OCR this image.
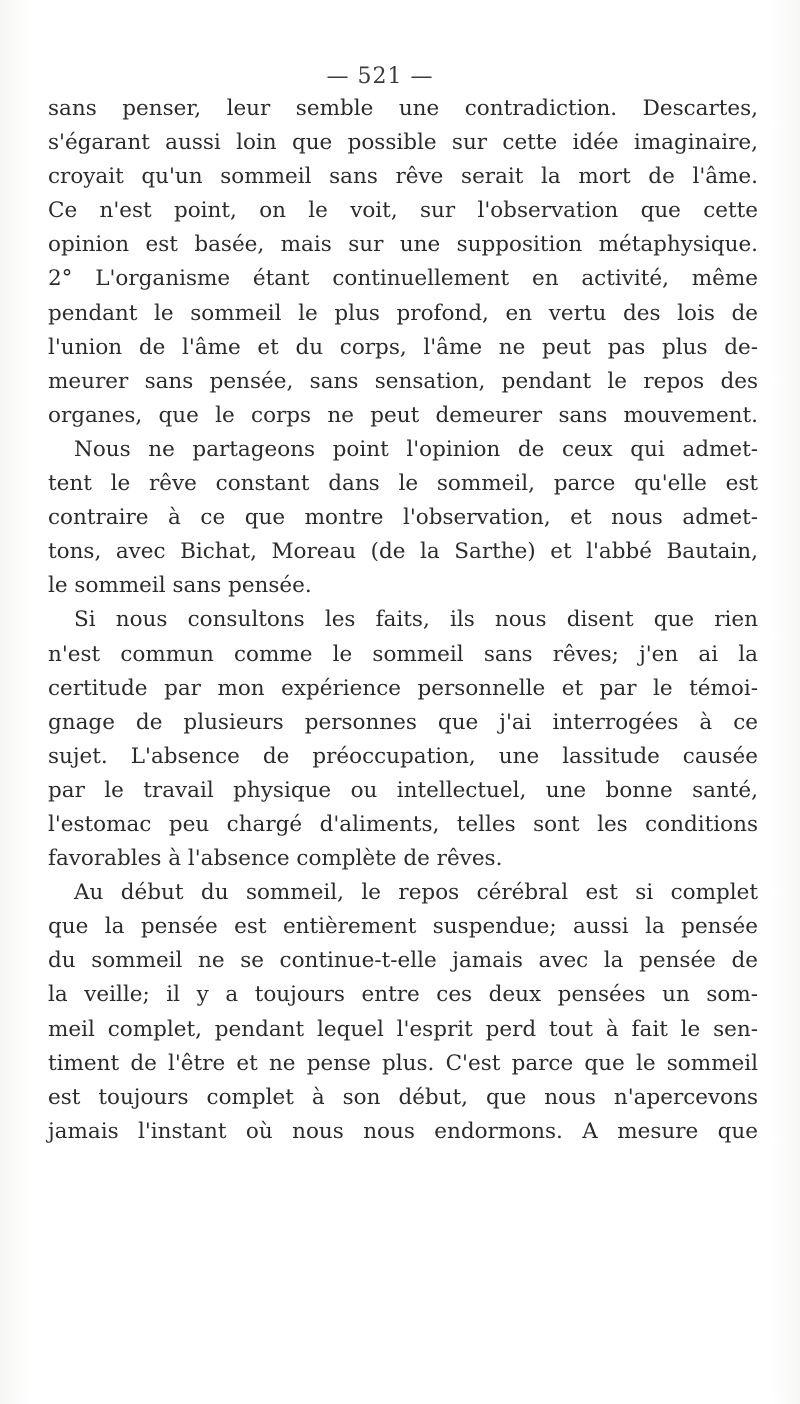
— 521 —
sans penser, leur semble une contradiction. Descartes,
s'égarant aussi loin que possible sur cette idée imaginaire,
croyait qu'un sommeil sans rêve serait la mort de l'âme.
Ce n'est point, on le voit, sur l'observation que cette
opinion est basée, mais sur une supposition métaphysique.
2° L'organisme étant continuellement en activité, même
pendant le sommeil le plus profond, en vertu des lois de
l'union de l'âme et du corps, l'âme ne peut pas plus de-
meurer sans pensée, sans sensation, pendant le repos des
organes, que le corps ne peut demeurer sans mouvement.
Nous ne partageons point l'opinion de ceux qui admet-
tent le rêve constant dans le sommeil, parce qu'elle est
contraire à ce que montre l'observation, et nous admet-
tons, avec Bichat, Moreau (de la Sarthe) et l'abbé Bautain,
le sommeil sans pensée.
Si nous consultons les faits, ils nous disent que rien
n'est commun comme le sommeil sans rêves; j'en ai la
certitude par mon expérience personnelle et par le témoi-
gnage de plusieurs personnes que j'ai interrogées à ce
sujet. L'absence de préoccupation, une lassitude causée
par le travail physique ou intellectuel, une bonne santé,
l'estomac peu chargé d'aliments, telles sont les conditions
favorables à l'absence complète de rêves.
Au début du sommeil, le repos cérébral est si complet
que la pensée est entièrement suspendue; aussi la pensée
du sommeil ne se continue-t-elle jamais avec la pensée de
la veille; il y a toujours entre ces deux pensées un som-
meil complet, pendant lequel l'esprit perd tout à fait le sen-
timent de l'être et ne pense plus. C'est parce que le sommeil
est toujours complet à son début, que nous n'apercevons
jamais l'instant où nous nous endormons. A mesure que
